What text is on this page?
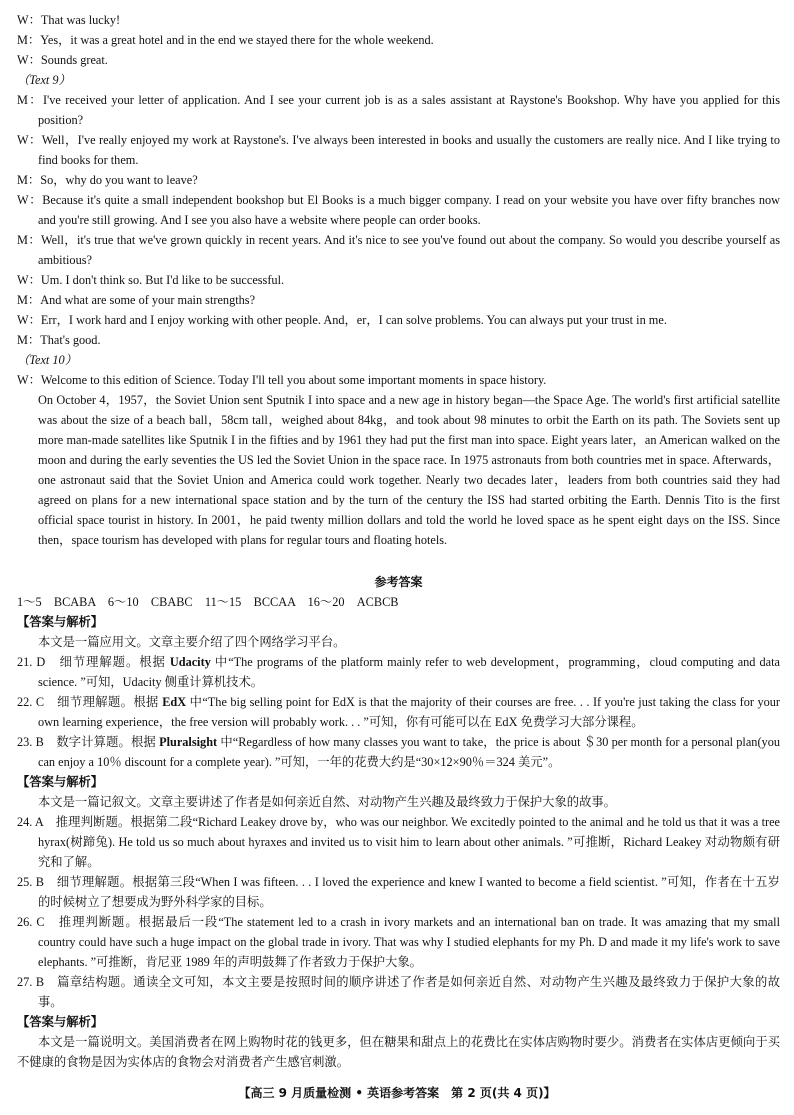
W：That was lucky!
M：Yes，it was a great hotel and in the end we stayed there for the whole weekend.
W：Sounds great.
（Text 9）
M：I've received your letter of application. And I see your current job is as a sales assistant at Raystone's Bookshop. Why have you applied for this position?
W：Well，I've really enjoyed my work at Raystone's. I've always been interested in books and usually the customers are really nice. And I like trying to find books for them.
M：So，why do you want to leave?
W：Because it's quite a small independent bookshop but El Books is a much bigger company. I read on your website you have over fifty branches now and you're still growing. And I see you also have a website where people can order books.
M：Well，it's true that we've grown quickly in recent years. And it's nice to see you've found out about the company. So would you describe yourself as ambitious?
W：Um. I don't think so. But I'd like to be successful.
M：And what are some of your main strengths?
W：Err，I work hard and I enjoy working with other people. And，er，I can solve problems. You can always put your trust in me.
M：That's good.
（Text 10）
W：Welcome to this edition of Science. Today I'll tell you about some important moments in space history.
On October 4，1957，the Soviet Union sent Sputnik I into space and a new age in history began—the Space Age. The world's first artificial satellite was about the size of a beach ball，58cm tall，weighed about 84kg，and took about 98 minutes to orbit the Earth on its path. The Soviets sent up more man-made satellites like Sputnik I in the fifties and by 1961 they had put the first man into space. Eight years later，an American walked on the moon and during the early seventies the US led the Soviet Union in the space race. In 1975 astronauts from both countries met in space. Afterwards，one astronaut said that the Soviet Union and America could work together. Nearly two decades later，leaders from both countries said they had agreed on plans for a new international space station and by the turn of the century the ISS had started orbiting the Earth. Dennis Tito is the first official space tourist in history. In 2001，he paid twenty million dollars and told the world he loved space as he spent eight days on the ISS. Since then，space tourism has developed with plans for regular tours and floating hotels.
参考答案
1～5　BCABA　6～10　CBABC　11～15　BCCAA　16～20　ACBCB
【答案与解析】
本文是一篇应用文。文章主要介绍了四个网络学习平台。
21. D　 细节理解题。根据 Udacity 中“The programs of the platform mainly refer to web development，programming，cloud computing and data science. ”可知，Udacity 侧重计算机技术。
22. C　 细节理解题。根据 EdX 中“The big selling point for EdX is that the majority of their courses are free. . . If you're just taking the class for your own learning experience，the free version will probably work. . . ”可知，你有可能可以在 EdX 免费学习大部分课程。
23. B　 数字计算题。根据 Pluralsight 中“Regardless of how many classes you want to take，the price is about ＄30 per month for a personal plan(you can enjoy a 10％ discount for a complete year). ”可知，一年的花费大约是“30×12×90％＝324 美元”。
【答案与解析】
本文是一篇记叙文。文章主要讲述了作者是如何亲近自然、对动物产生兴趣及最终致力于保护大象的故事。
24. A　 推理判断题。根据第二段“Richard Leakey drove by，who was our neighbor. We excitedly pointed to the animal and he told us that it was a tree hyrax(树蹄兔). He told us so much about hyraxes and invited us to visit him to learn about other animals. ”可推断，Richard Leakey 对动物颇有研究和了解。
25. B　 细节理解题。根据第三段“When I was fifteen. . . I loved the experience and knew I wanted to become a field scientist. ”可知，作者在十五岁的时候树立了想要成为野外科学家的目标。
26. C　 推理判断题。根据最后一段“The statement led to a crash in ivory markets and an international ban on trade. It was amazing that my small country could have such a huge impact on the global trade in ivory. That was why I studied elephants for my Ph. D and made it my life's work to save elephants. ”可推断，肯尼亚 1989 年的声明鼓舞了作者致力于保护大象。
27. B　 篇章结构题。通读全文可知，本文主要是按照时间的顺序讲述了作者是如何亲近自然、对动物产生兴趣及最终致力于保护大象的故事。
【答案与解析】
本文是一篇说明文。美国消费者在网上购物时花的钱更多，但在糖果和甜点上的花费比在实体店购物时要少。消费者在实体店更倾向于买不健康的食物是因为实体店的食物会对消费者产生感官刺激。
【高三 9 月质量检测 • 英语参考答案　第 2 页(共 4 页)】
